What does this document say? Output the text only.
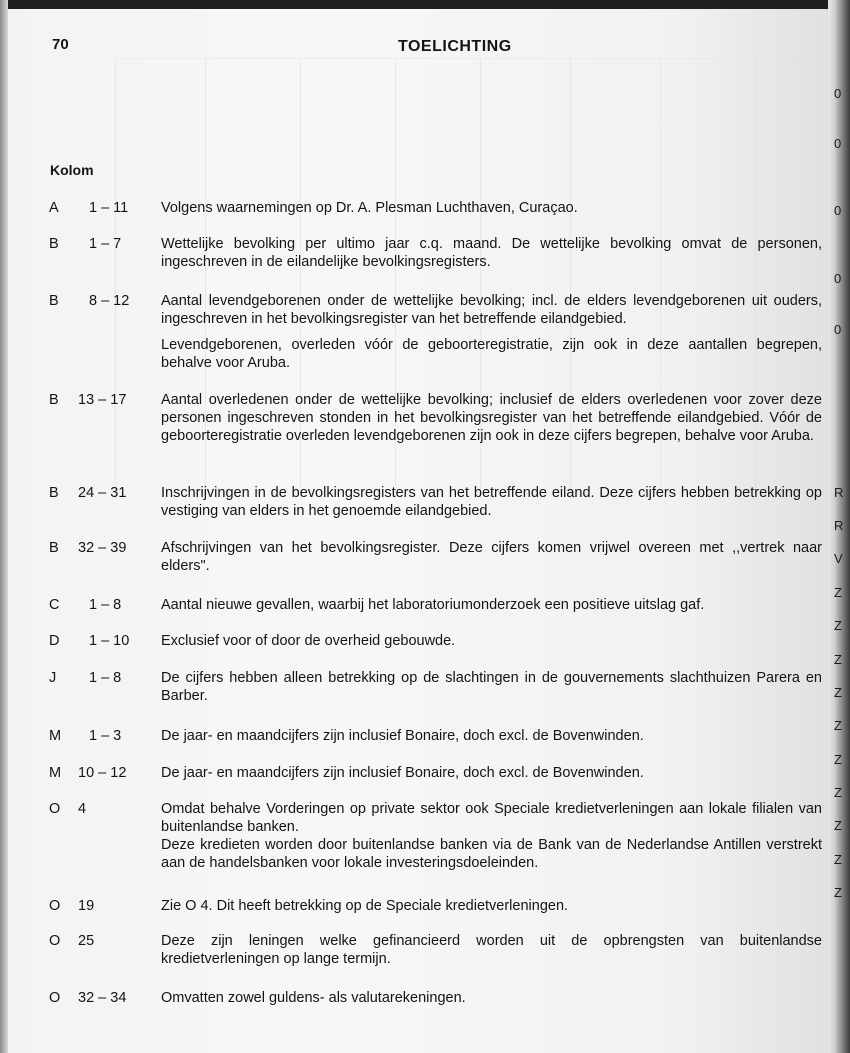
70	TOELICHTING
Kolom
A 1 – 11	Volgens waarnemingen op Dr. A. Plesman Luchthaven, Curaçao.

B 1 – 7	Wettelijke bevolking per ultimo jaar c.q. maand. De wettelijke bevolking omvat de personen, ingeschreven in de eilandelijke bevolkingsregisters.

B 8 – 12	Aantal levendgeborenen onder de wettelijke bevolking; incl. de elders levendgeborenen uit ouders, ingeschreven in het bevolkingsregister van het betreffende eilandgebied.

Levendgeborenen, overleden vóór de geboorteregistratie, zijn ook in deze aantallen begrepen, behalve voor Aruba.

B 13 – 17	Aantal overledenen onder de wettelijke bevolking; inclusief de elders overledenen voor zover deze personen ingeschreven stonden in het bevolkingsregister van het betreffende eilandgebied. Vóór de geboorteregistratie overleden levendgeborenen zijn ook in deze cijfers begrepen, behalve voor Aruba.

B 24 – 31	Inschrijvingen in de bevolkingsregisters van het betreffende eiland. Deze cijfers hebben betrekking op vestiging van elders in het genoemde eilandgebied.

B 32 – 39	Afschrijvingen van het bevolkingsregister. Deze cijfers komen vrijwel overeen met ,,vertrek naar elders".

C 1 – 8	Aantal nieuwe gevallen, waarbij het laboratoriumonderzoek een positieve uitslag gaf.

D 1 – 10	Exclusief voor of door de overheid gebouwde.

J 1 – 8	De cijfers hebben alleen betrekking op de slachtingen in de gouvernements slachthuizen Parera en Barber.

M 1 – 3	De jaar- en maandcijfers zijn inclusief Bonaire, doch excl. de Bovenwinden.

M 10 – 12	De jaar- en maandcijfers zijn inclusief Bonaire, doch excl. de Bovenwinden.

O 4	Omdat behalve Vorderingen op private sektor ook Speciale kredietverleningen aan lokale filialen van buitenlandse banken.
Deze kredieten worden door buitenlandse banken via de Bank van de Nederlandse Antillen verstrekt aan de handelsbanken voor lokale investeringsdoeleinden.

O 19	Zie O 4. Dit heeft betrekking op de Speciale kredietverleningen.

O 25	Deze zijn leningen welke gefinancieerd worden uit de opbrengsten van buitenlandse kredietverleningen op lange termijn.

O 32 – 34	Omvatten zowel guldens- als valutarekeningen.

0
0
0
0
0
R
R
V
Z
Z
Z
Z
Z
Z
Z
Z
Z
Z
